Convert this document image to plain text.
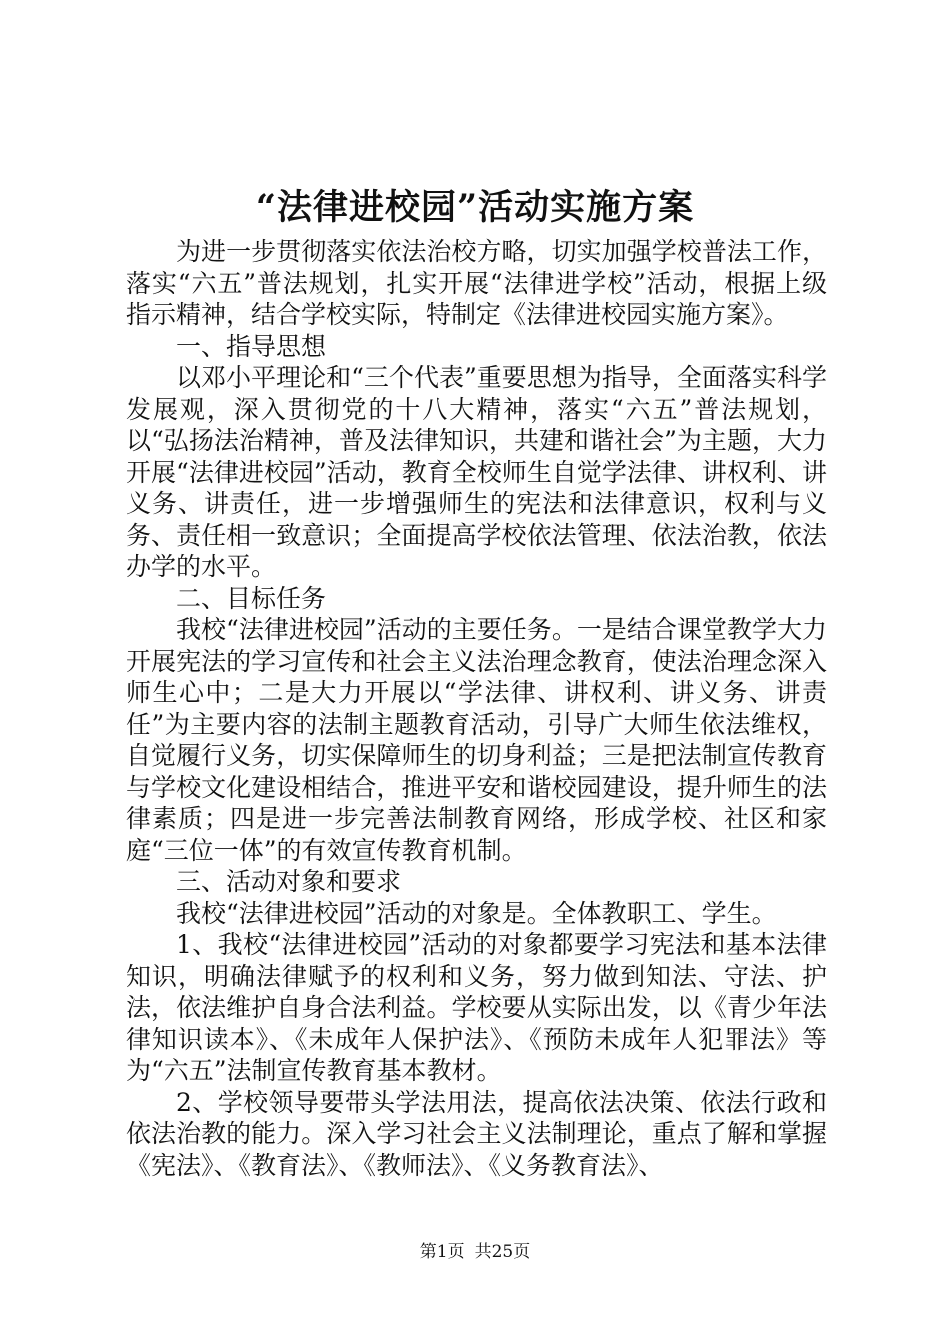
“法律进校园”活动实施方案

为进一步贯彻落实依法治校方略，切实加强学校普法工作，落实“六五”普法规划，扎实开展“法律进学校”活动，根据上级指示精神，结合学校实际，特制定《法律进校园实施方案》。

一、指导思想

以邓小平理论和“三个代表”重要思想为指导，全面落实科学发展观，深入贯彻党的十八大精神，落实“六五”普法规划，以“弘扬法治精神，普及法律知识，共建和谐社会”为主题，大力开展“法律进校园”活动，教育全校师生自觉学法律、讲权利、讲义务、讲责任，进一步增强师生的宪法和法律意识，权利与义务、责任相一致意识；全面提高学校依法管理、依法治教，依法办学的水平。

二、目标任务

我校“法律进校园”活动的主要任务。一是结合课堂教学大力开展宪法的学习宣传和社会主义法治理念教育，使法治理念深入师生心中；二是大力开展以“学法律、讲权利、讲义务、讲责任”为主要内容的法制主题教育活动，引导广大师生依法维权，自觉履行义务，切实保障师生的切身利益；三是把法制宣传教育与学校文化建设相结合，推进平安和谐校园建设，提升师生的法律素质；四是进一步完善法制教育网络，形成学校、社区和家庭“三位一体”的有效宣传教育机制。

三、活动对象和要求

我校“法律进校园”活动的对象是。全体教职工、学生。

1、我校“法律进校园”活动的对象都要学习宪法和基本法律知识，明确法律赋予的权利和义务，努力做到知法、守法、护法，依法维护自身合法利益。学校要从实际出发，以《青少年法律知识读本》、《未成年人保护法》、《预防未成年人犯罪法》等为“六五”法制宣传教育基本教材。

2、学校领导要带头学法用法，提高依法决策、依法行政和依法治教的能力。深入学习社会主义法制理论，重点了解和掌握《宪法》、《教育法》、《教师法》、《义务教育法》、

第1页 共25页
